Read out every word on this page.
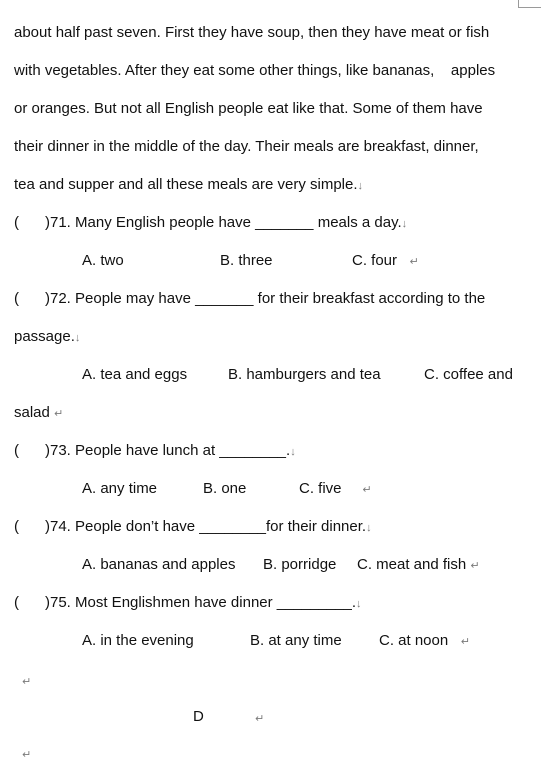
about half past seven. First they have soup, then they have meat or fish
with vegetables. After they eat some other things, like bananas,    apples
or oranges. But not all English people eat like that. Some of them have
their dinner in the middle of the day. Their meals are breakfast, dinner,
tea and supper and all these meals are very simple.↓
( )71. Many English people have _______ meals a day.↓
A. two	B. three	C. four ↵
( )72. People may have _______ for their breakfast according to the
passage.↓
A. tea and eggs	B. hamburgers and tea	C. coffee and
salad ↵
( )73. People have lunch at ________.↓
A. any time	B. one	C. five ↵
( )74. People don’t have ________for their dinner.↓
A. bananas and apples B. porridge C. meat and fish ↵
( )75. Most Englishmen have dinner _________.↓
A. in the evening	B. at any time C. at noon ↵
↵
D	↵
↵
